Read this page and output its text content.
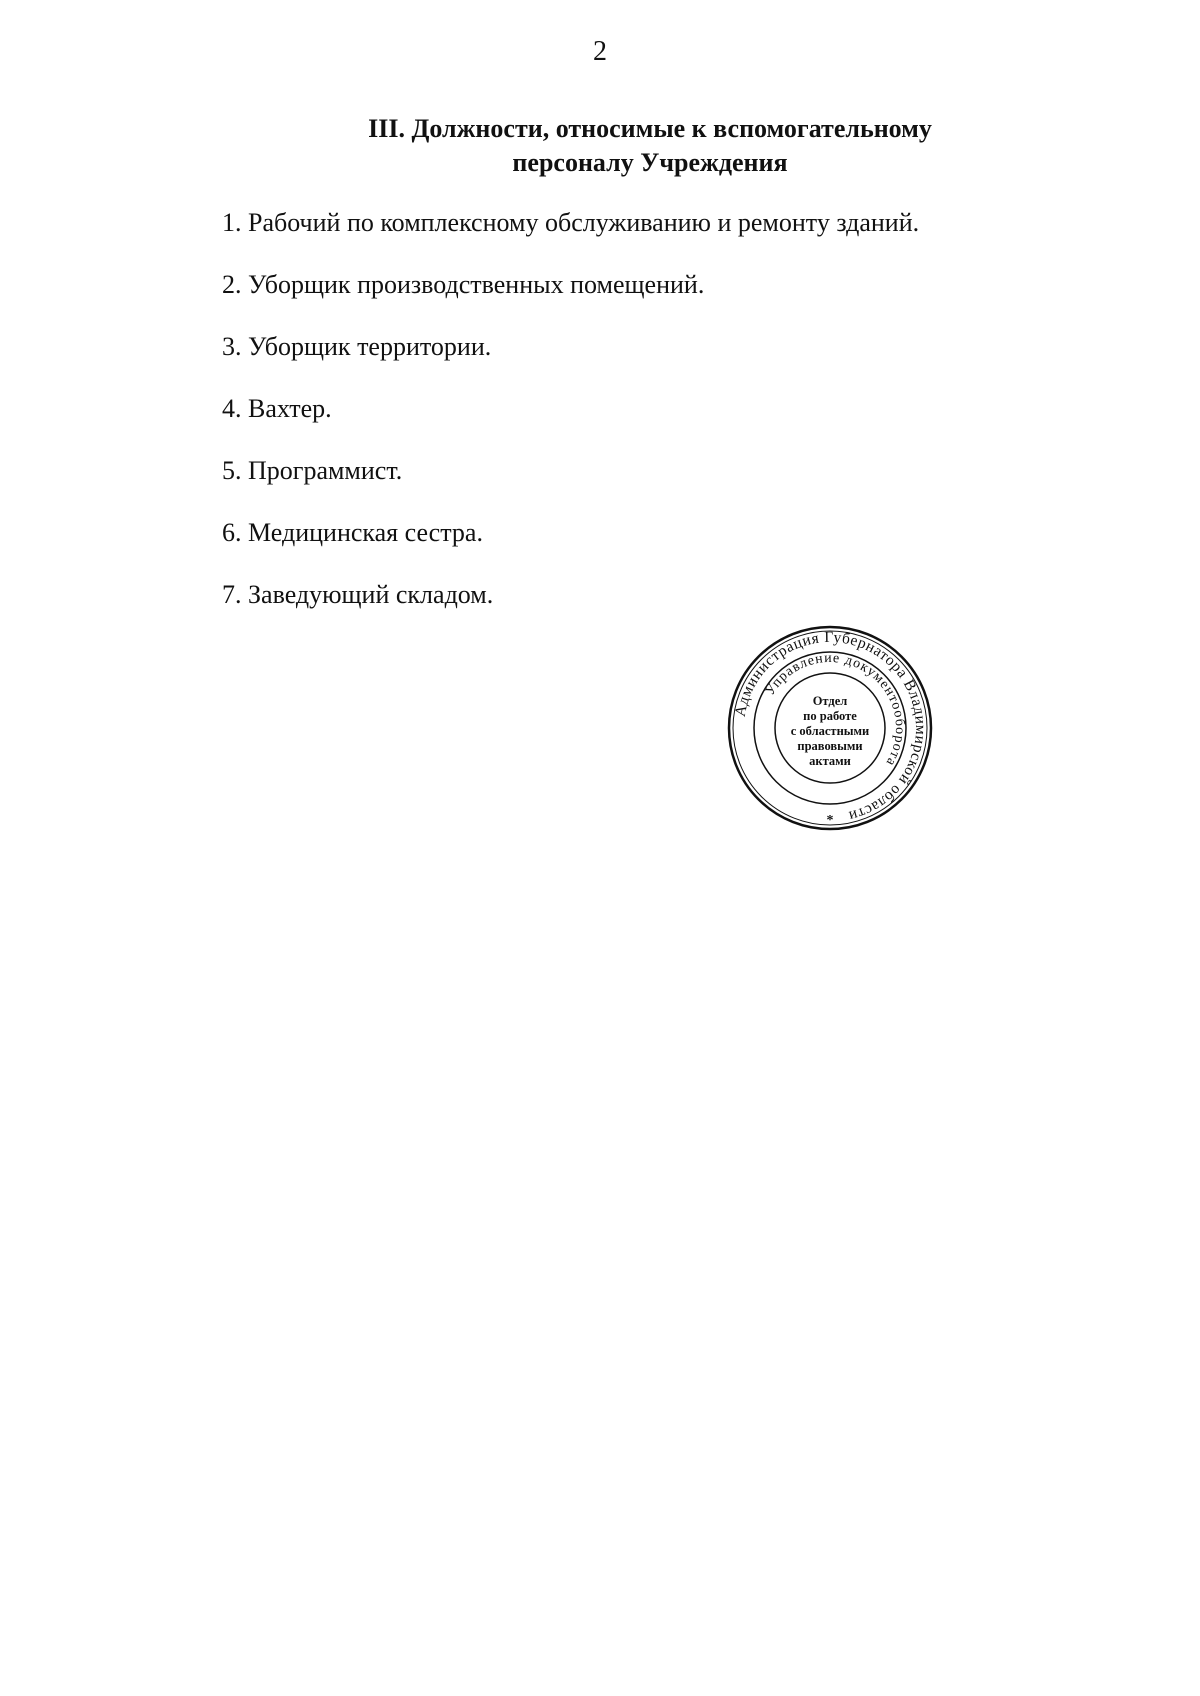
2
III. Должности, относимые к вспомогательному
персоналу Учреждения
1. Рабочий по комплексному обслуживанию и ремонту зданий.
2. Уборщик производственных помещений.
3. Уборщик территории.
4. Вахтер.
5. Программист.
6. Медицинская сестра.
7. Заведующий складом.
Администрация Губернатора Владимирской области
Управление документооборота
Отдел
по работе
с областными
правовыми
актами
*
